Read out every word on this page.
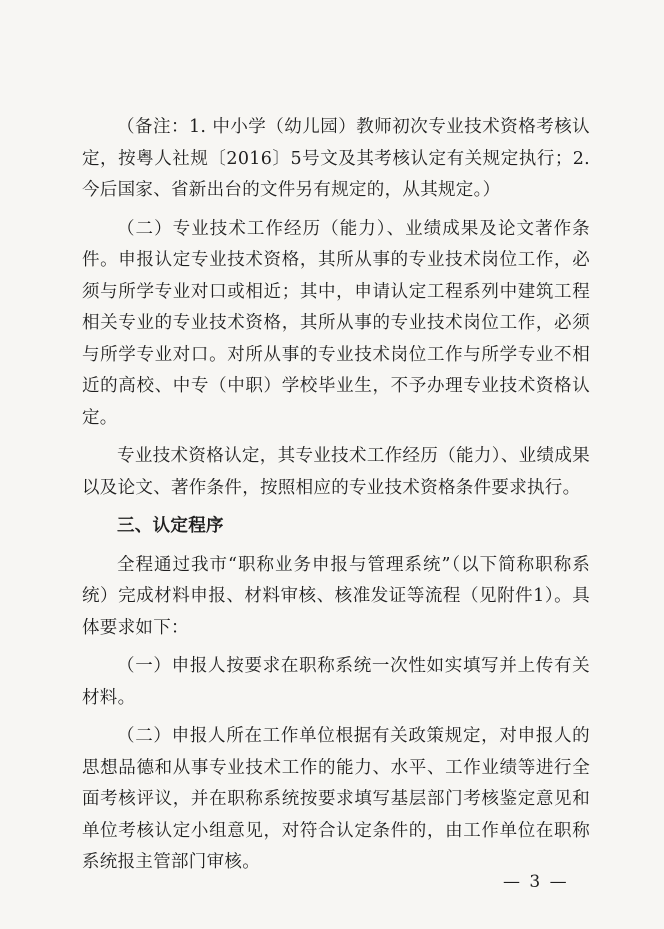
（备注：1. 中小学（幼儿园）教师初次专业技术资格考核认定，按粤人社规〔2016〕5号文及其考核认定有关规定执行；2. 今后国家、省新出台的文件另有规定的，从其规定。）

（二）专业技术工作经历（能力）、业绩成果及论文著作条件。申报认定专业技术资格，其所从事的专业技术岗位工作，必须与所学专业对口或相近；其中，申请认定工程系列中建筑工程相关专业的专业技术资格，其所从事的专业技术岗位工作，必须与所学专业对口。对所从事的专业技术岗位工作与所学专业不相近的高校、中专（中职）学校毕业生，不予办理专业技术资格认定。

专业技术资格认定，其专业技术工作经历（能力）、业绩成果以及论文、著作条件，按照相应的专业技术资格条件要求执行。

三、认定程序

全程通过我市“职称业务申报与管理系统”（以下简称职称系统）完成材料申报、材料审核、核准发证等流程（见附件1）。具体要求如下：

（一）申报人按要求在职称系统一次性如实填写并上传有关材料。

（二）申报人所在工作单位根据有关政策规定，对申报人的思想品德和从事专业技术工作的能力、水平、工作业绩等进行全面考核评议，并在职称系统按要求填写基层部门考核鉴定意见和单位考核认定小组意见，对符合认定条件的，由工作单位在职称系统报主管部门审核。

— 3 —
